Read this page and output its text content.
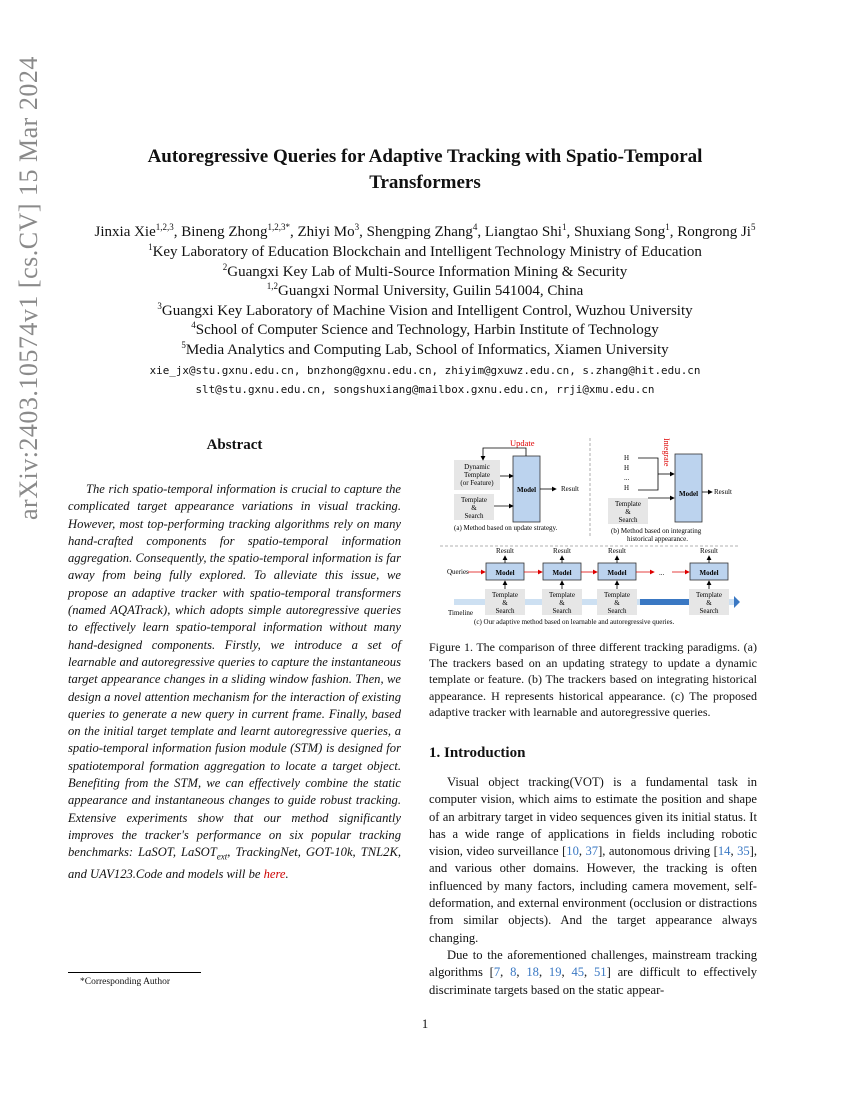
arXiv:2403.10574v1 [cs.CV] 15 Mar 2024	Autoregressive Queries for Adaptive Tracking with Spatio-Temporal
Transformers
Jinxia Xie$^{1,2,3}$, Bineng Zhong$^{1,2,3*}$, Zhiyi Mo$^3$, Shengping Zhang$^4$, Liangtao Shi$^1$, Shuxiang Song$^1$, Rongrong Ji$^5$
$^1$Key Laboratory of Education Blockchain and Intelligent Technology Ministry of Education
$^2$Guangxi Key Lab of Multi-Source Information Mining & Security
$^{1,2}$Guangxi Normal University, Guilin 541004, China
$^3$Guangxi Key Laboratory of Machine Vision and Intelligent Control, Wuzhou University
$^4$School of Computer Science and Technology, Harbin Institute of Technology
$^5$Media Analytics and Computing Lab, School of Informatics, Xiamen University
xie_jx@stu.gxnu.edu.cn, bnzhong@gxnu.edu.cn, zhiyim@gxuwz.edu.cn, s.zhang@hit.edu.cn
slt@stu.gxnu.edu.cn, songshuxiang@mailbox.gxnu.edu.cn, rrji@xmu.edu.cn
Abstract

The rich spatio-temporal information is crucial to capture the complicated target appearance variations in visual tracking. However, most top-performing tracking algorithms rely on many hand-crafted components for spatio-temporal information aggregation. Consequently, the spatio-temporal information is far away from being fully explored. To alleviate this issue, we propose an adaptive tracker with spatio-temporal transformers (named AQATrack), which adopts simple autoregressive queries to effectively learn spatio-temporal information without many hand-designed components. Firstly, we introduce a set of learnable and autoregressive queries to capture the instantaneous target appearance changes in a sliding window fashion. Then, we design a novel attention mechanism for the interaction of existing queries to generate a new query in current frame. Finally, based on the initial target template and learnt autoregressive queries, a spatio-temporal information fusion module (STM) is designed for spatiotemporal formation aggregation to locate a target object. Benefiting from the STM, we can effectively combine the static appearance and instantaneous changes to guide robust tracking. Extensive experiments show that our method significantly improves the tracker's performance on six popular tracking benchmarks: LaSOT, LaSOT$_{ext}$, TrackingNet, GOT-10k, TNL2K, and UAV123.Code and models will be here.

*Corresponding Author
Update
Dynamic
Template
(or Feature)
Template
&
Search
Model	Result
(a) Method based on update strategy.
H
H
...
H
Template
&
Search
Integrate
Model Result
(b) Method based on integrating
historical appearance.
Queries	Model	Model	Model	Model
...
Result	Result	Result	Result
Template
&
Search
Template
&
Search
Template
&
Search
Template
&
Search
Timeline
(c) Our adaptive method based on learnable and autoregressive queries.
Figure 1. The comparison of three different tracking paradigms. (a) The trackers based on an updating strategy to update a dynamic template or feature. (b) The trackers based on integrating historical appearance. H represents historical appearance. (c) The proposed adaptive tracker with learnable and autoregressive queries.
1. Introduction

Visual object tracking(VOT) is a fundamental task in computer vision, which aims to estimate the position and shape of an arbitrary target in video sequences given its initial status. It has a wide range of applications in fields including robotic vision, video surveillance [10, 37], autonomous driving [14, 35], and various other domains. However, the tracking is often influenced by many factors, including camera movement, self-deformation, and external environment (occlusion or distractions from similar objects). And the target appearance always changing.

Due to the aforementioned challenges, mainstream tracking algorithms [7, 8, 18, 19, 45, 51] are difficult to effectively discriminate targets based on the static appear-

1
